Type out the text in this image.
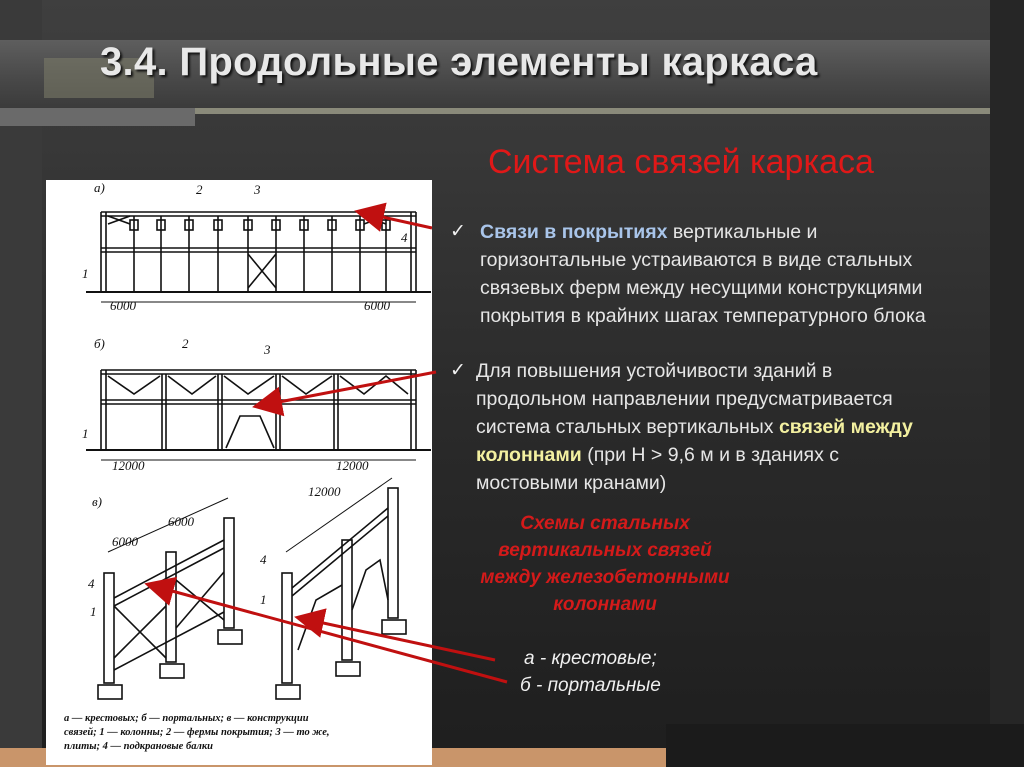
3.4. Продольные элементы каркаса
Система связей каркаса
а)	2	3
4
1
6000	6000
б)	2	3
1
12000	12000
в)
6000
6000
12000
4
1
4
1
а — крестовых; б — портальных; в — конструкции
связей; 1 — колонны; 2 — фермы покрытия; 3 — то же,
плиты; 4 — подкрановые балки
✓ Связи в покрытиях вертикальные и
горизонтальные устраиваются в виде стальных
связевых ферм между несущими конструкциями
покрытия в крайних шагах температурного блока
✓ Для повышения устойчивости зданий в
продольном направлении предусматривается
система стальных вертикальных связей между
колоннами (при Н > 9,6 м и в зданиях с
мостовыми кранами)
Схемы стальных
вертикальных связей
между железобетонными
колоннами
а - крестовые;
б - портальные
